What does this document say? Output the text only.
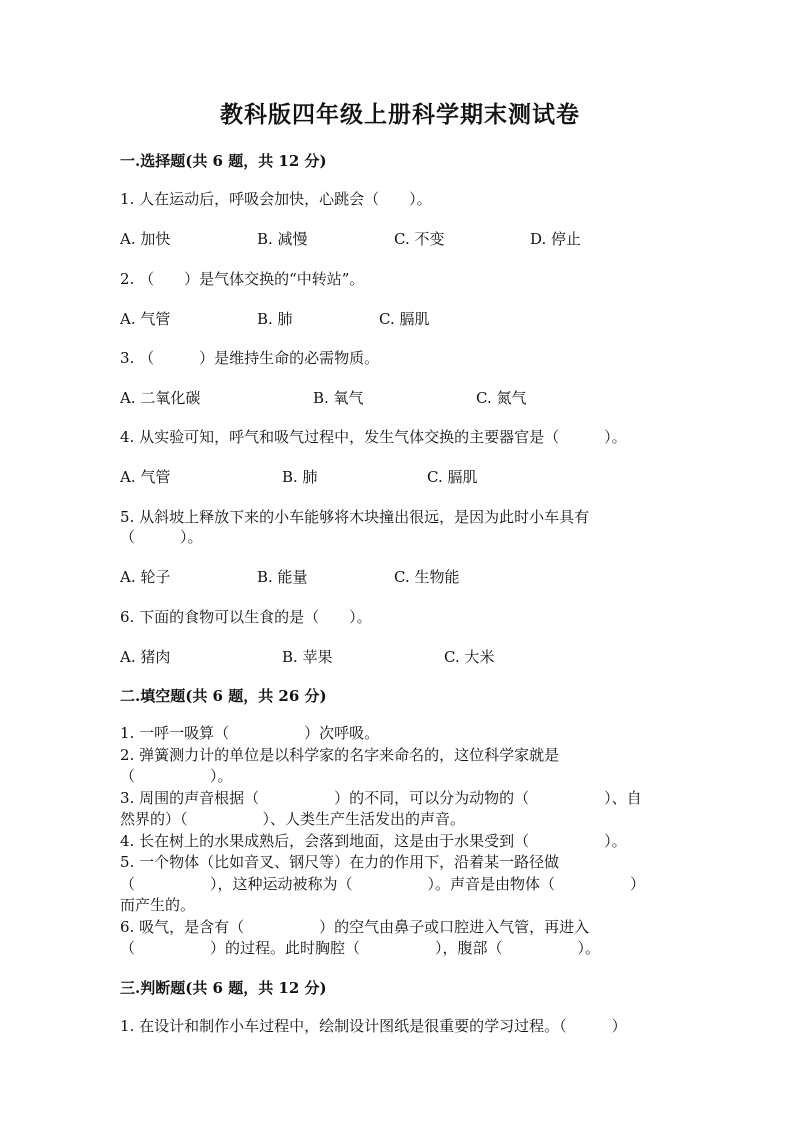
教科版四年级上册科学期末测试卷
一.选择题(共 6 题，共 12 分)
1. 人在运动后，呼吸会加快，心跳会（　　）。
A. 加快	B. 减慢	C. 不变	D. 停止
2. （　　）是气体交换的“中转站”。
A. 气管	B. 肺	C. 膈肌
3. （　　　）是维持生命的必需物质。
A. 二氧化碳	B. 氧气	C. 氮气
4. 从实验可知，呼气和吸气过程中，发生气体交换的主要器官是（　　　）。
A. 气管	B. 肺	C. 膈肌
5. 从斜坡上释放下来的小车能够将木块撞出很远，是因为此时小车具有
（　　　）。
A. 轮子	B. 能量	C. 生物能
6. 下面的食物可以生食的是（　　）。
A. 猪肉	B. 苹果	C. 大米
二.填空题(共 6 题，共 26 分)
1. 一呼一吸算（　　　　　）次呼吸。
2. 弹簧测力计的单位是以科学家的名字来命名的，这位科学家就是
（　　　　　）。
3. 周围的声音根据（　　　　　）的不同，可以分为动物的（　　　　　）、自
然界的）（　　　　　）、人类生产生活发出的声音。
4. 长在树上的水果成熟后，会落到地面，这是由于水果受到（　　　　　）。
5. 一个物体（比如音叉、钢尺等）在力的作用下，沿着某一路径做
（　　　　　），这种运动被称为（　　　　　）。声音是由物体（　　　　　）
而产生的。
6. 吸气，是含有（　　　　　）的空气由鼻子或口腔进入气管，再进入
（　　　　　）的过程。此时胸腔（　　　　　），腹部（　　　　　）。
三.判断题(共 6 题，共 12 分)
1. 在设计和制作小车过程中，绘制设计图纸是很重要的学习过程。（　　　）
